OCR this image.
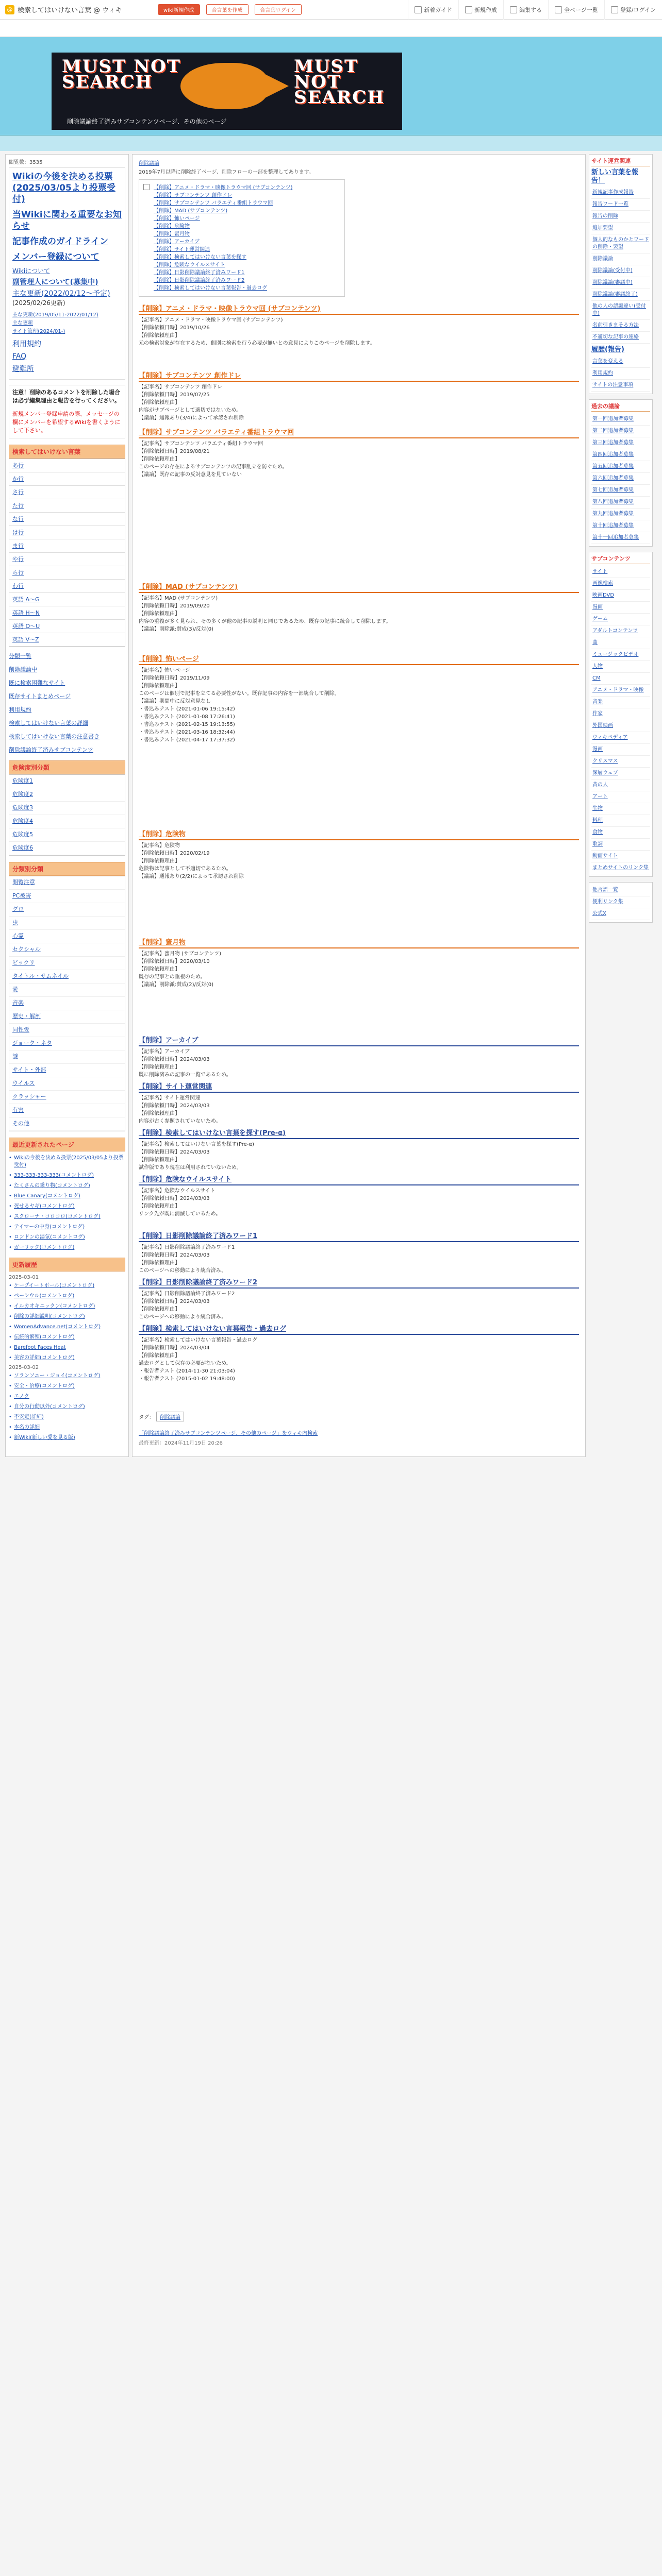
@ 検索してはいけない言葉 @ ウィキ	wiki新規作成	合言葉を作成	合言葉ログイン	新着ガイド	新規作成	編集する	全ページ一覧	登録/ログイン
MUST NOT
SEARCH
MUST NOT
SEARCH
削除議論終了済みサブコンテンツページ、その他のページ
閲覧数：3535
Wikiの今後を決める投票(2025/03/05より投票受付)
当Wikiに関わる重要なお知らせ
記事作成のガイドライン
メンバー登録について
Wikiについて
副管理人について(募集中)
主な更新(2022/02/12〜予定)
(2025/02/26更新)
主な更新(2019/05/11-2022/01/12)
主な更新
サイト管理(2024/01-)
利用規約
FAQ
避難所
注意！削除のあるコメントを削除した場合は必ず編集理由と報告を行ってください。
新規メンバー登録申請の際、メッセージの欄にメンバーを希望するWikiを書くようにして下さい。
検索してはいけない言葉
あ行
か行
さ行
た行
な行
は行
ま行
や行
ら行
わ行
英語 A〜G
英語 H〜N
英語 O〜U
英語 V〜Z
分類一覧
削除議論中
既に検索困難なサイト
既存サイトまとめページ
利用規約
検索してはいけない言葉の詳細
検索してはいけない言葉の注意書き
削除議論終了済みサブコンテンツ
危険度別分類
危険度1
危険度2
危険度3
危険度4
危険度5
危険度6
分類別分類
閲覧注意
PC被害
グロ
虫
心霊
セクシャル
ビックリ
タイトル・サムネイル
愛
音楽
歴史・解剖
同性愛
ジョーク・ネタ
謎
サイト・外部
ウイルス
クラッシャー
有害
その他
最近更新されたページ
• Wikiの今後を決める投票(2025/03/05より投票受付)
• 333-333-333-333(コメントログ)
• たくさんの乗り物(コメントログ)
• Blue Canary(コメントログ)
• 死せるヤギ(コメントログ)
• スクローナ・コロコロ(コメントログ)
• テイマーの中身(コメントログ)
• ロンドンの湯気(コメントログ)
• ガーリック(コメントログ)
更新履歴
2025-03-01
• ケープイートボール(コメントログ)
• ペーシウル(コメントログ)
• イルカオキニックン(コメントログ)
• 削除の詳細説明(コメントログ)
• WomenAdvance.net(コメントログ)
• 伝統的繁殖(コメントログ)
• Barefoot Faces Heat
• 美容の詳細(コメントログ)
2025-03-02
• ソランソニー・ジョイ(コメントログ)
• 安全・治療(コメントログ)
• エノク
• 自分の行動以外(コメントログ)
• 不安定(詳細)
• 本名の詳細
• 新Wiki(新しい愛を見る版)
削除議論
2019年7月以降に削除終了ページ、削除フローの一部を整理してあります。
【削除】アニメ・ドラマ・映像トラウマ回 (サブコンテンツ)
【削除】サブコンテンツ 創作ドレ
【削除】サブコンテンツ バラエティ番組トラウマ回
【削除】MAD (サブコンテンツ)
【削除】怖いページ
【削除】危険物
【削除】蜜月物
【削除】アーカイブ
【削除】サイト運営関連
【削除】検索してはいけない言葉を探す
【削除】危険なウイルスサイト
【削除】日影削除議論終了済みワード1
【削除】日影削除議論終了済みワード2
【削除】検索してはいけない言葉報告・過去ログ
【削除】アニメ・ドラマ・映像トラウマ回 (サブコンテンツ)
【記事名】アニメ・ドラマ・映像トラウマ回 (サブコンテンツ)
【削除依頼日時】2019/10/26
【削除依頼理由】
元の検索対象が存在するため、個別に検索を行う必要が無いとの意見によりこのページを削除します。
【削除】サブコンテンツ 創作ドレ
【記事名】サブコンテンツ 創作ドレ
【削除依頼日時】2019/07/25
【削除依頼理由】
内容がサブページとして適切ではないため。
【議論】通報あり(3/4)によって承認され削除
【削除】サブコンテンツ バラエティ番組トラウマ回
【記事名】サブコンテンツ バラエティ番組トラウマ回
【削除依頼日時】2019/08/21
【削除依頼理由】
このページの存在によるサブコンテンツの記事乱立を防ぐため。
【議論】既存の記事の反対意見を見ていない
【削除】MAD (サブコンテンツ)
【記事名】MAD (サブコンテンツ)
【削除依頼日時】2019/09/20
【削除依頼理由】
内容の重複が多く見られ、その多くが他の記事の説明と同じであるため、既存の記事に統合して削除します。
【議論】削除派:賛成(3)/反対(0)
【削除】怖いページ
【記事名】怖いページ
【削除依頼日時】2019/11/09
【削除依頼理由】
このページは個別で記事を立てる必要性がない。既存記事の内容を一部統合して削除。
【議論】期間中に反対意見なし
・書込みテスト (2021-01-06 19:15:42)
・書込みテスト (2021-01-08 17:26:41)
・書込みテスト (2021-02-15 19:13:55)
・書込みテスト (2021-03-16 18:32:44)
・書込みテスト (2021-04-17 17:37:32)
【削除】危険物
【記事名】危険物
【削除依頼日時】2020/02/19
【削除依頼理由】
危険物は記事として不適切であるため。
【議論】通報あり(2/2)によって承認され削除
【削除】蜜月物
【記事名】蜜月物 (サブコンテンツ)
【削除依頼日時】2020/03/10
【削除依頼理由】
既存の記事との重複のため。
【議論】削除派:賛成(2)/反対(0)
【削除】アーカイブ
【記事名】アーカイブ
【削除依頼日時】2024/03/03
【削除依頼理由】
既に削除済みの記事の一覧であるため。
【削除】サイト運営関連
【記事名】サイト運営関連
【削除依頼日時】2024/03/03
【削除依頼理由】
内容が古く参照されていないため。
【削除】検索してはいけない言葉を探す(Pre-α)
【記事名】検索してはいけない言葉を探す(Pre-α)
【削除依頼日時】2024/03/03
【削除依頼理由】
試作版であり現在は利用されていないため。
【削除】危険なウイルスサイト
【記事名】危険なウイルスサイト
【削除依頼日時】2024/03/03
【削除依頼理由】
リンク先が既に消滅しているため。
【削除】日影削除議論終了済みワード1
【記事名】日影削除議論終了済みワード1
【削除依頼日時】2024/03/03
【削除依頼理由】
このページへの移動により統合済み。
【削除】日影削除議論終了済みワード2
【記事名】日影削除議論終了済みワード2
【削除依頼日時】2024/03/03
【削除依頼理由】
このページへの移動により統合済み。
【削除】検索してはいけない言葉報告・過去ログ
【記事名】検索してはいけない言葉報告・過去ログ
【削除依頼日時】2024/03/04
【削除依頼理由】
過去ログとして保存の必要がないため。
・報告者テスト (2014-11-30 21:03:04)
・報告者テスト (2015-01-02 19:48:00)
タグ： 削除議論
「削除議論終了済みサブコンテンツページ、その他のページ」をウィキ内検索
最終更新：2024年11月19日 20:26
サイト運営関連
新しい言葉を報告！
新規記事作成報告
報告ワード一覧
報告の削除
追加要望
個人的なものかとワードの削除・要望
削除議論
削除議論(受付中)
削除議論(審議中)
削除議論(審議終了)
他の人の認識違い(受付中)
名前引きまそる方法
不適切な記事の連絡
履歴(報告)
言葉を変える
利用規約
サイトの注意事項
過去の議論
第一回追加者募集
第二回追加者募集
第三回追加者募集
第四回追加者募集
第五回追加者募集
第六回追加者募集
第七回追加者募集
第八回追加者募集
第九回追加者募集
第十回追加者募集
第十一回追加者募集
サブコンテンツ
サイト
画像検索
映画DVD
漫画
ゲーム
アダルトコンテンツ
曲
ミュージックビデオ
人物
CM
アニメ・ドラマ・映像
音楽
作家
外国映画
ウィキペディア
漫画
クリスマス
深層ウェブ
昔の人
アート
生物
料理
食物
歌詞
動画サイト
まとめサイトのリンク集
他言語一覧
便利リンク集
公式X
